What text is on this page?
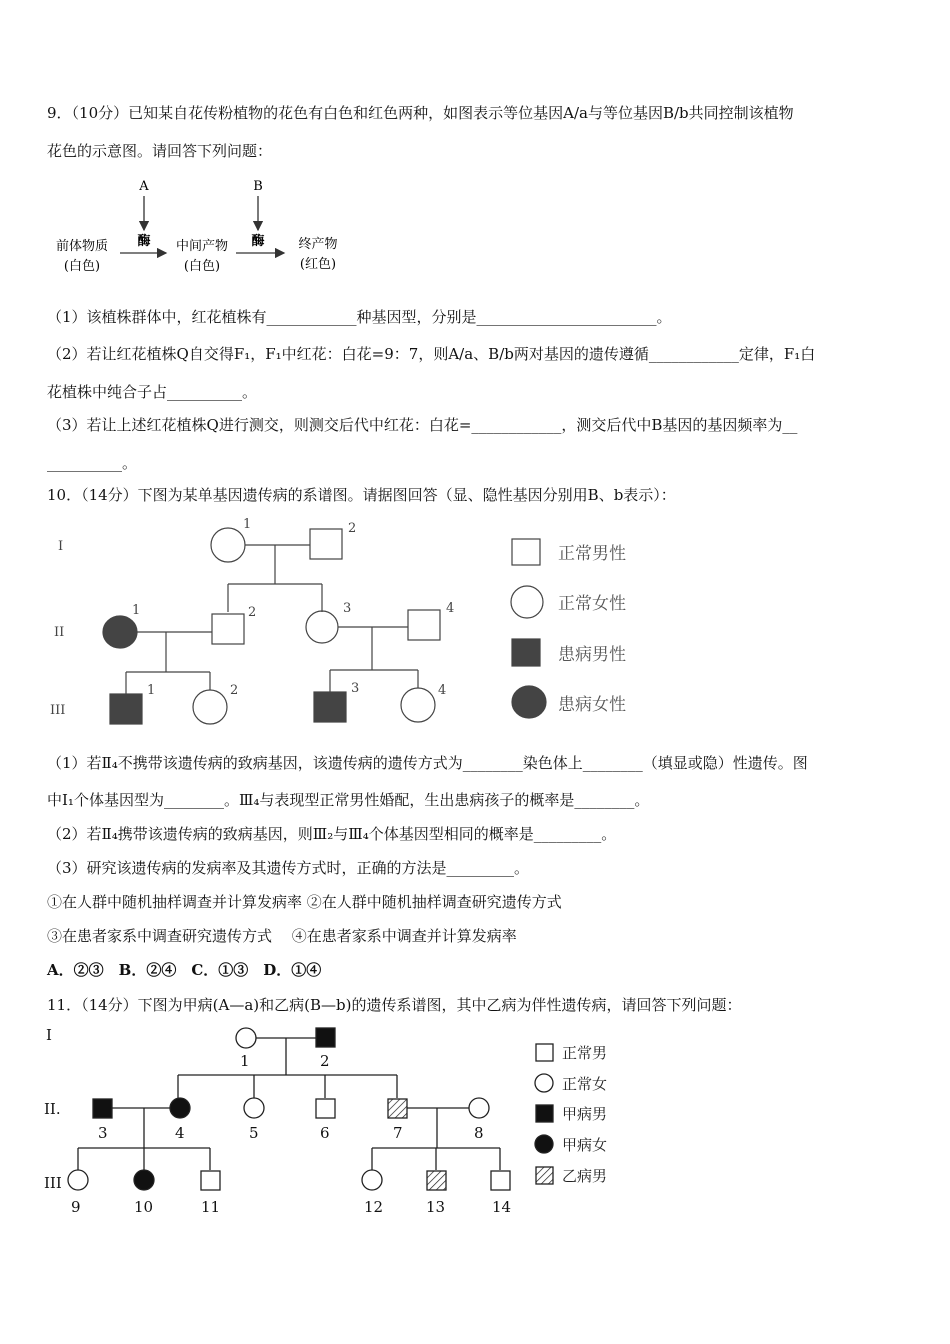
9．（10分）已知某自花传粉植物的花色有白色和红色两种，如图表示等位基因A/a与等位基因B/b共同控制该植物
花色的示意图。请回答下列问题：
A	B
前体物质
(白色)
酶 中间产物
(白色)
酶	终产物
(红色)
（1）该植株群体中，红花植株有____________种基因型，分别是________________________。
（2）若让红花植株Q自交得F₁，F₁中红花：白花=9：7，则A/a、B/b两对基因的遗传遵循____________定律，F₁白
花植株中纯合子占__________。
（3）若让上述红花植株Q进行测交，则测交后代中红花：白花=____________，测交后代中B基因的基因频率为__
__________。
10．（14分）下图为某单基因遗传病的系谱图。请据图回答（显、隐性基因分别用B、b表示）：
I
II
III
1	2
1	2	3	4
1	2	3	4
正常男性
正常女性
患病男性
患病女性
（1）若Ⅱ₄不携带该遗传病的致病基因，该遗传病的遗传方式为________染色体上________（填显或隐）性遗传。图
中Ⅰ₁个体基因型为________。Ⅲ₄与表现型正常男性婚配，生出患病孩子的概率是________。
（2）若Ⅱ₄携带该遗传病的致病基因，则Ⅲ₂与Ⅲ₄个体基因型相同的概率是_________。
（3）研究该遗传病的发病率及其遗传方式时，正确的方法是_________。
①在人群中随机抽样调查并计算发病率 ②在人群中随机抽样调查研究遗传方式
③在患者家系中调查研究遗传方式　 ④在患者家系中调查并计算发病率
A．②③　B．②④　C．①③　D．①④
11．（14分）下图为甲病(A—a)和乙病(B—b)的遗传系谱图，其中乙病为伴性遗传病，请回答下列问题：
I
II.
III
1	2
3	4	5	6	7	8
9	10	11	12	13	14
正常男
正常女
甲病男
甲病女
乙病男
